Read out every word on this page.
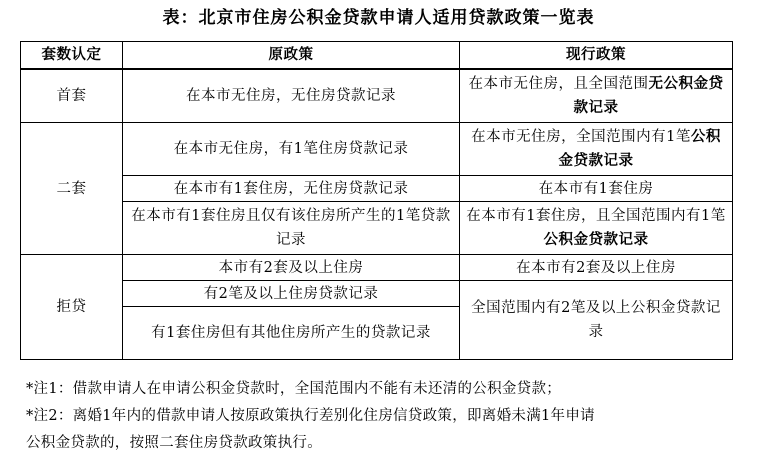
表：北京市住房公积金贷款申请人适用贷款政策一览表
套数认定	原政策	现行政策
首套	在本市无住房，无住房贷款记录	在本市无住房，且全国范围无公积金贷款记录
二套	在本市无住房，有1笔住房贷款记录	在本市无住房，全国范围内有1笔公积金贷款记录
	在本市有1套住房，无住房贷款记录	在本市有1套住房
	在本市有1套住房且仅有该住房所产生的1笔贷款记录	在本市有1套住房，且全国范围内有1笔公积金贷款记录
拒贷	本市有2套及以上住房	在本市有2套及以上住房
	有2笔及以上住房贷款记录	全国范围内有2笔及以上公积金贷款记录
	有1套住房但有其他住房所产生的贷款记录	
*注1：借款申请人在申请公积金贷款时，全国范围内不能有未还清的公积金贷款；
*注2：离婚1年内的借款申请人按原政策执行差别化住房信贷政策，即离婚未满1年申请
公积金贷款的，按照二套住房贷款政策执行。
